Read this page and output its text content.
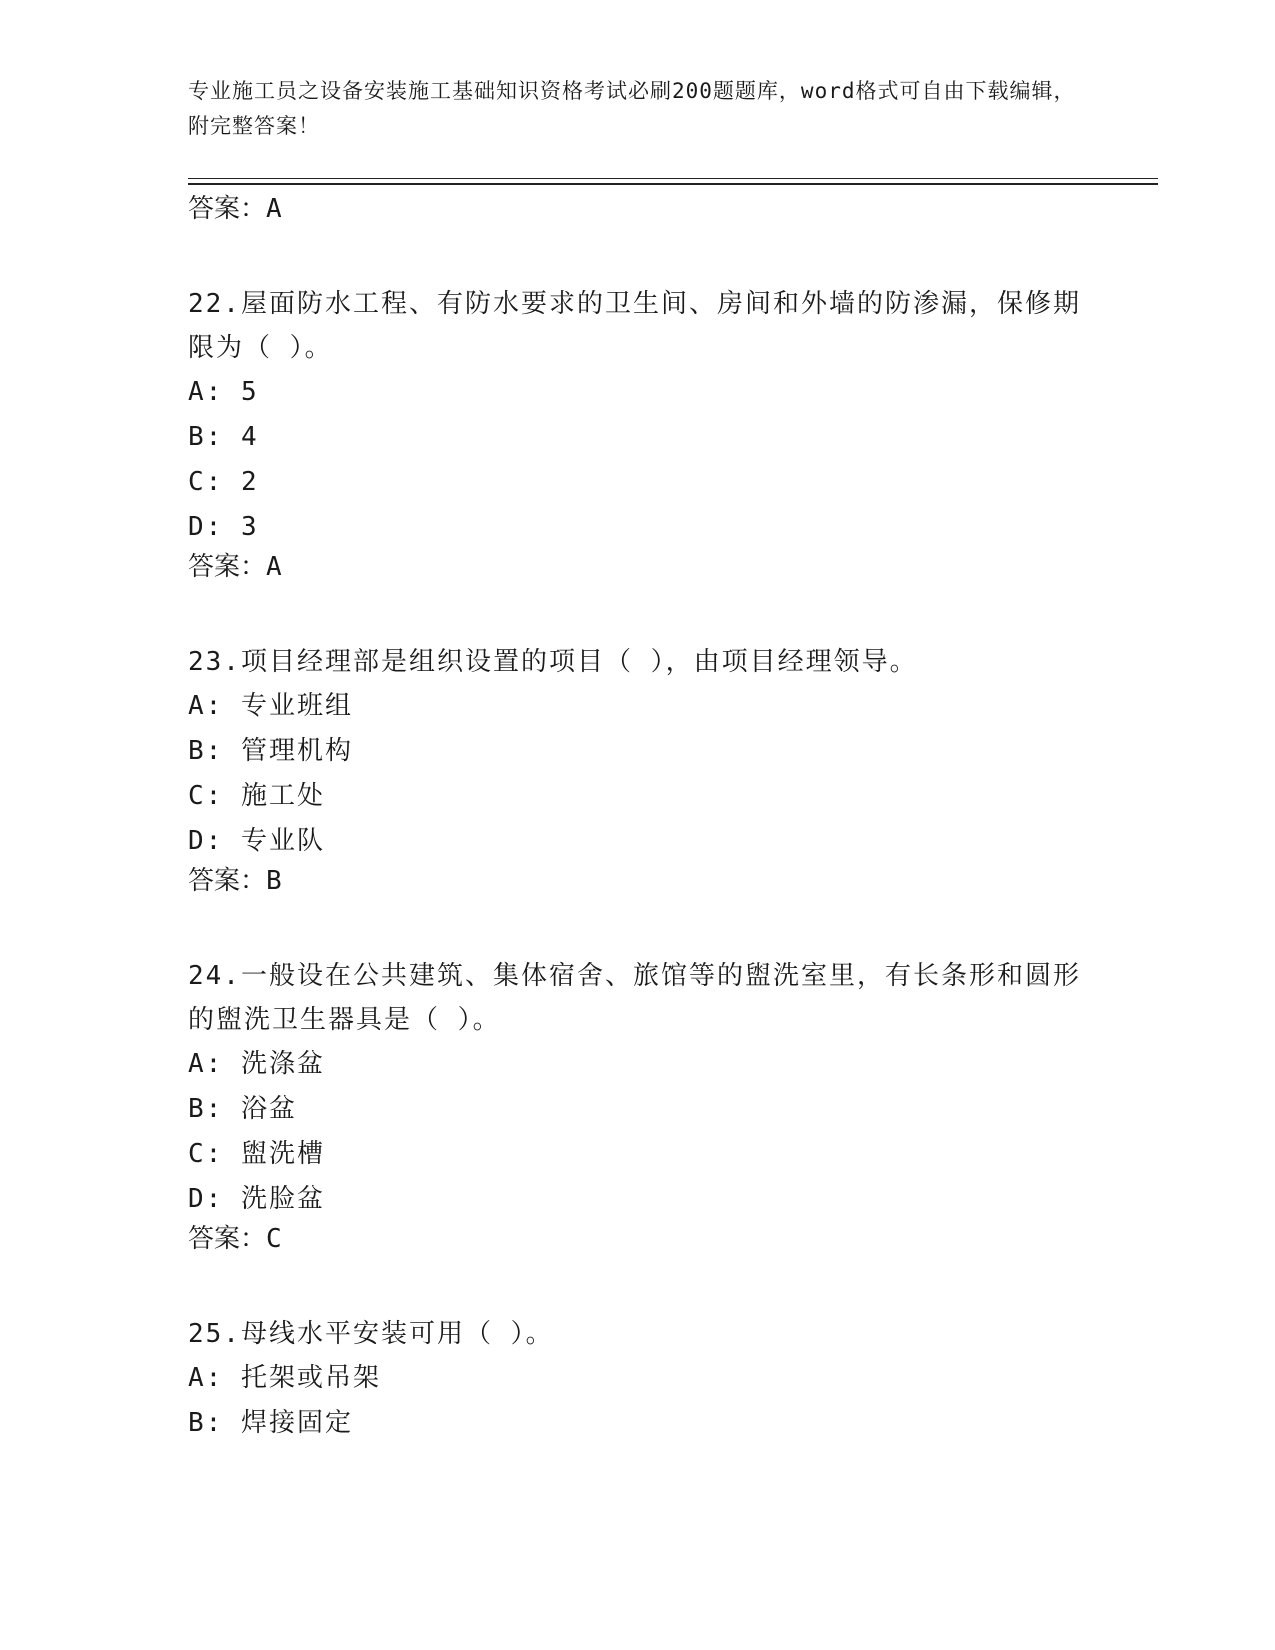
专业施工员之设备安装施工基础知识资格考试必刷200题题库，word格式可自由下载编辑，附完整答案！
答案：A

22.屋面防水工程、有防水要求的卫生间、房间和外墙的防渗漏，保修期限为（ ）。

A: 5

B: 4

C: 2

D: 3

答案：A

23.项目经理部是组织设置的项目（ ），由项目经理领导。

A: 专业班组

B: 管理机构

C: 施工处

D: 专业队

答案：B

24.一般设在公共建筑、集体宿舍、旅馆等的盥洗室里，有长条形和圆形的盥洗卫生器具是（ ）。

A: 洗涤盆

B: 浴盆

C: 盥洗槽

D: 洗脸盆

答案：C

25.母线水平安装可用（ ）。

A: 托架或吊架

B: 焊接固定
